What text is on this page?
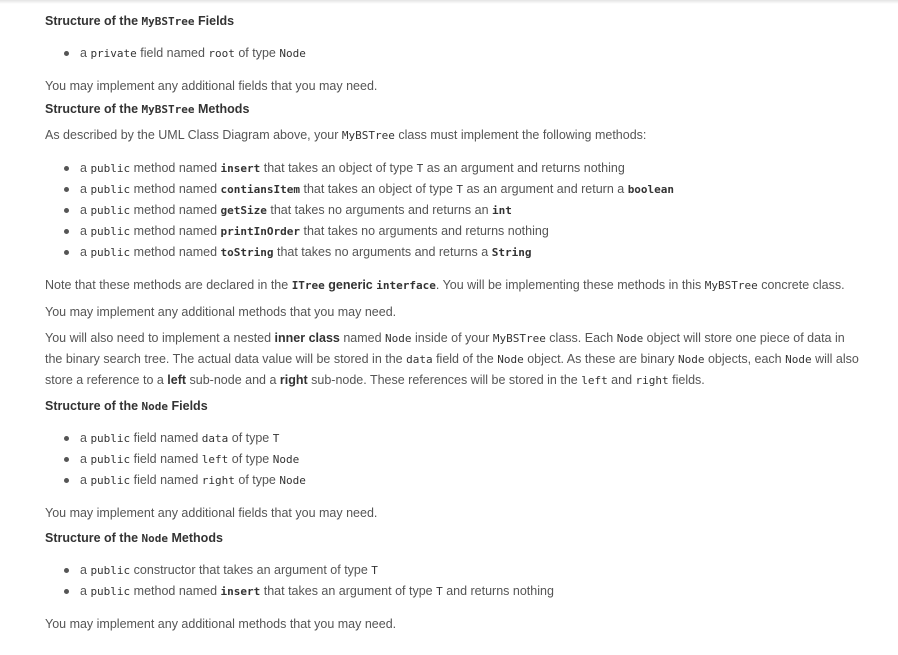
Structure of the MyBSTree Fields
a private field named root of type Node

You may implement any additional fields that you may need.

Structure of the MyBSTree Methods

As described by the UML Class Diagram above, your MyBSTree class must implement the following methods:

a public method named insert that takes an object of type T as an argument and returns nothing
a public method named contiansItem that takes an object of type T as an argument and return a boolean
a public method named getSize that takes no arguments and returns an int
a public method named printInOrder that takes no arguments and returns nothing
a public method named toString that takes no arguments and returns a String

Note that these methods are declared in the ITree generic interface. You will be implementing these methods in this MyBSTree concrete class.

You may implement any additional methods that you may need.

You will also need to implement a nested inner class named Node inside of your MyBSTree class. Each Node object will store one piece of data in the binary search tree. The actual data value will be stored in the data field of the Node object. As these are binary Node objects, each Node will also store a reference to a left sub-node and a right sub-node. These references will be stored in the left and right fields.

Structure of the Node Fields
a public field named data of type T
a public field named left of type Node
a public field named right of type Node

You may implement any additional fields that you may need.

Structure of the Node Methods
a public constructor that takes an argument of type T
a public method named insert that takes an argument of type T and returns nothing

You may implement any additional methods that you may need.
